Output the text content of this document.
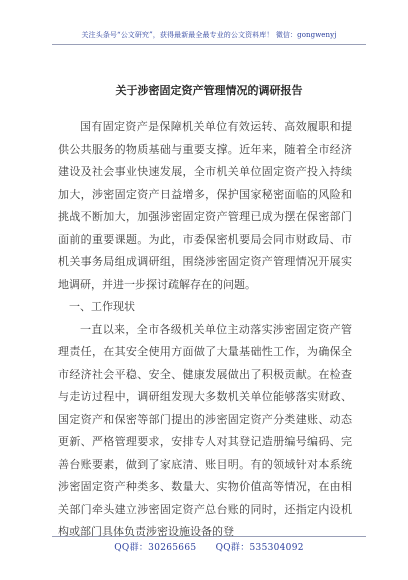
关注头条号“公文研究”，获得最新最全最专业的公文资料库！ 微信：gongwenyj
关于涉密固定资产管理情况的调研报告

国有固定资产是保障机关单位有效运转、高效履职和提供公共服务的物质基础与重要支撑。近年来，随着全市经济建设及社会事业快速发展，全市机关单位固定资产投入持续加大，涉密固定资产日益增多，保护国家秘密面临的风险和挑战不断加大，加强涉密固定资产管理已成为摆在保密部门面前的重要课题。为此，市委保密机要局会同市财政局、市机关事务局组成调研组，围绕涉密固定资产管理情况开展实地调研，并进一步探讨疏解存在的问题。

一、工作现状

一直以来，全市各级机关单位主动落实涉密固定资产管理责任，在其安全使用方面做了大量基础性工作，为确保全市经济社会平稳、安全、健康发展做出了积极贡献。在检查与走访过程中，调研组发现大多数机关单位能够落实财政、国定资产和保密等部门提出的涉密固定资产分类建账、动态更新、严格管理要求，安排专人对其登记造册编号编码、完善台账要素，做到了家底清、账目明。有的领域针对本系统涉密固定资产种类多、数量大、实物价值高等情况，在由相关部门牵头建立涉密固定资产总台账的同时，还指定内设机构或部门具体负责涉密设施设备的登

QQ群：30265665 QQ群：535304092
